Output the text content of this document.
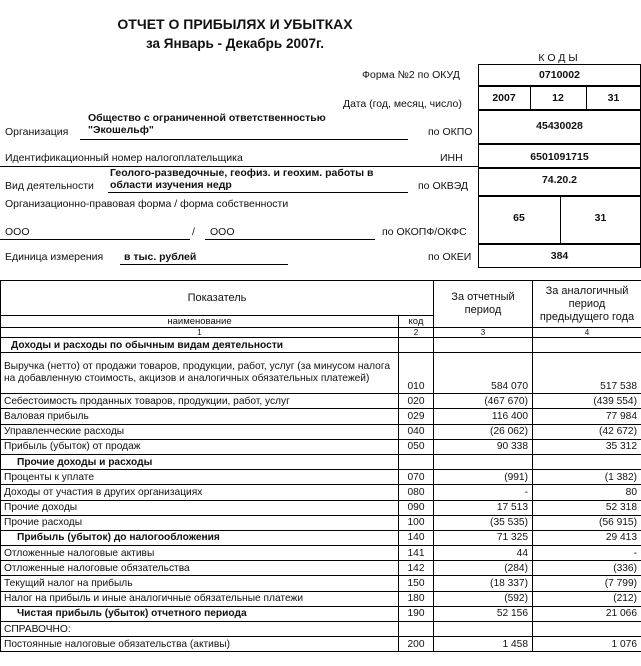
ОТЧЕТ О ПРИБЫЛЯХ И УБЫТКАХ
за Январь - Декабрь 2007г.
КОДЫ
0710002
Форма №2 по ОКУД
2007	12	31
Дата (год, месяц, число)
45430028
по ОКПО
6501091715
ИНН
74.20.2
по ОКВЭД
65	31
по ОКОПФ/ОКФС
384
по ОКЕИ
Организация
Общество с ограниченной ответственностью
"Экошельф"
Идентификационный номер налогоплательщика
Геолого-разведочные, геофиз. и геохим. работы в
области изучения недр
Вид деятельности
Организационно-правовая форма / форма собственности
ООО	/ ООО
Единица измерения в тыс. рублей
Показатель		За отчетный период	За аналогичный период предыдущего года
наименование	код		
1	2	3	4
Доходы и расходы по обычным видам деятельности			
Выручка (нетто) от продажи товаров, продукции, работ, услуг (за минусом налога на добавленную стоимость, акцизов и аналогичных обязательных платежей)	010	584 070	517 538
Себестоимость проданных товаров, продукции, работ, услуг	020	(467 670)	(439 554)
Валовая прибыль	029	116 400	77 984
Управленческие расходы	040	(26 062)	(42 672)
Прибыль (убыток) от продаж	050	90 338	35 312
Прочие доходы и расходы			
Проценты к уплате	070	(991)	(1 382)
Доходы от участия в других организациях	080	-	80
Прочие доходы	090	17 513	52 318
Прочие расходы	100	(35 535)	(56 915)
Прибыль (убыток) до налогообложения	140	71 325	29 413
Отложенные налоговые активы	141	44	-
Отложенные налоговые обязательства	142	(284)	(336)
Текущий налог на прибыль	150	(18 337)	(7 799)
Налог на прибыль и иные аналогичные обязательные платежи	180	(592)	(212)
Чистая прибыль (убыток) отчетного периода	190	52 156	21 066
СПРАВОЧНО:			
Постоянные налоговые обязательства (активы)	200	1 458	1 076
